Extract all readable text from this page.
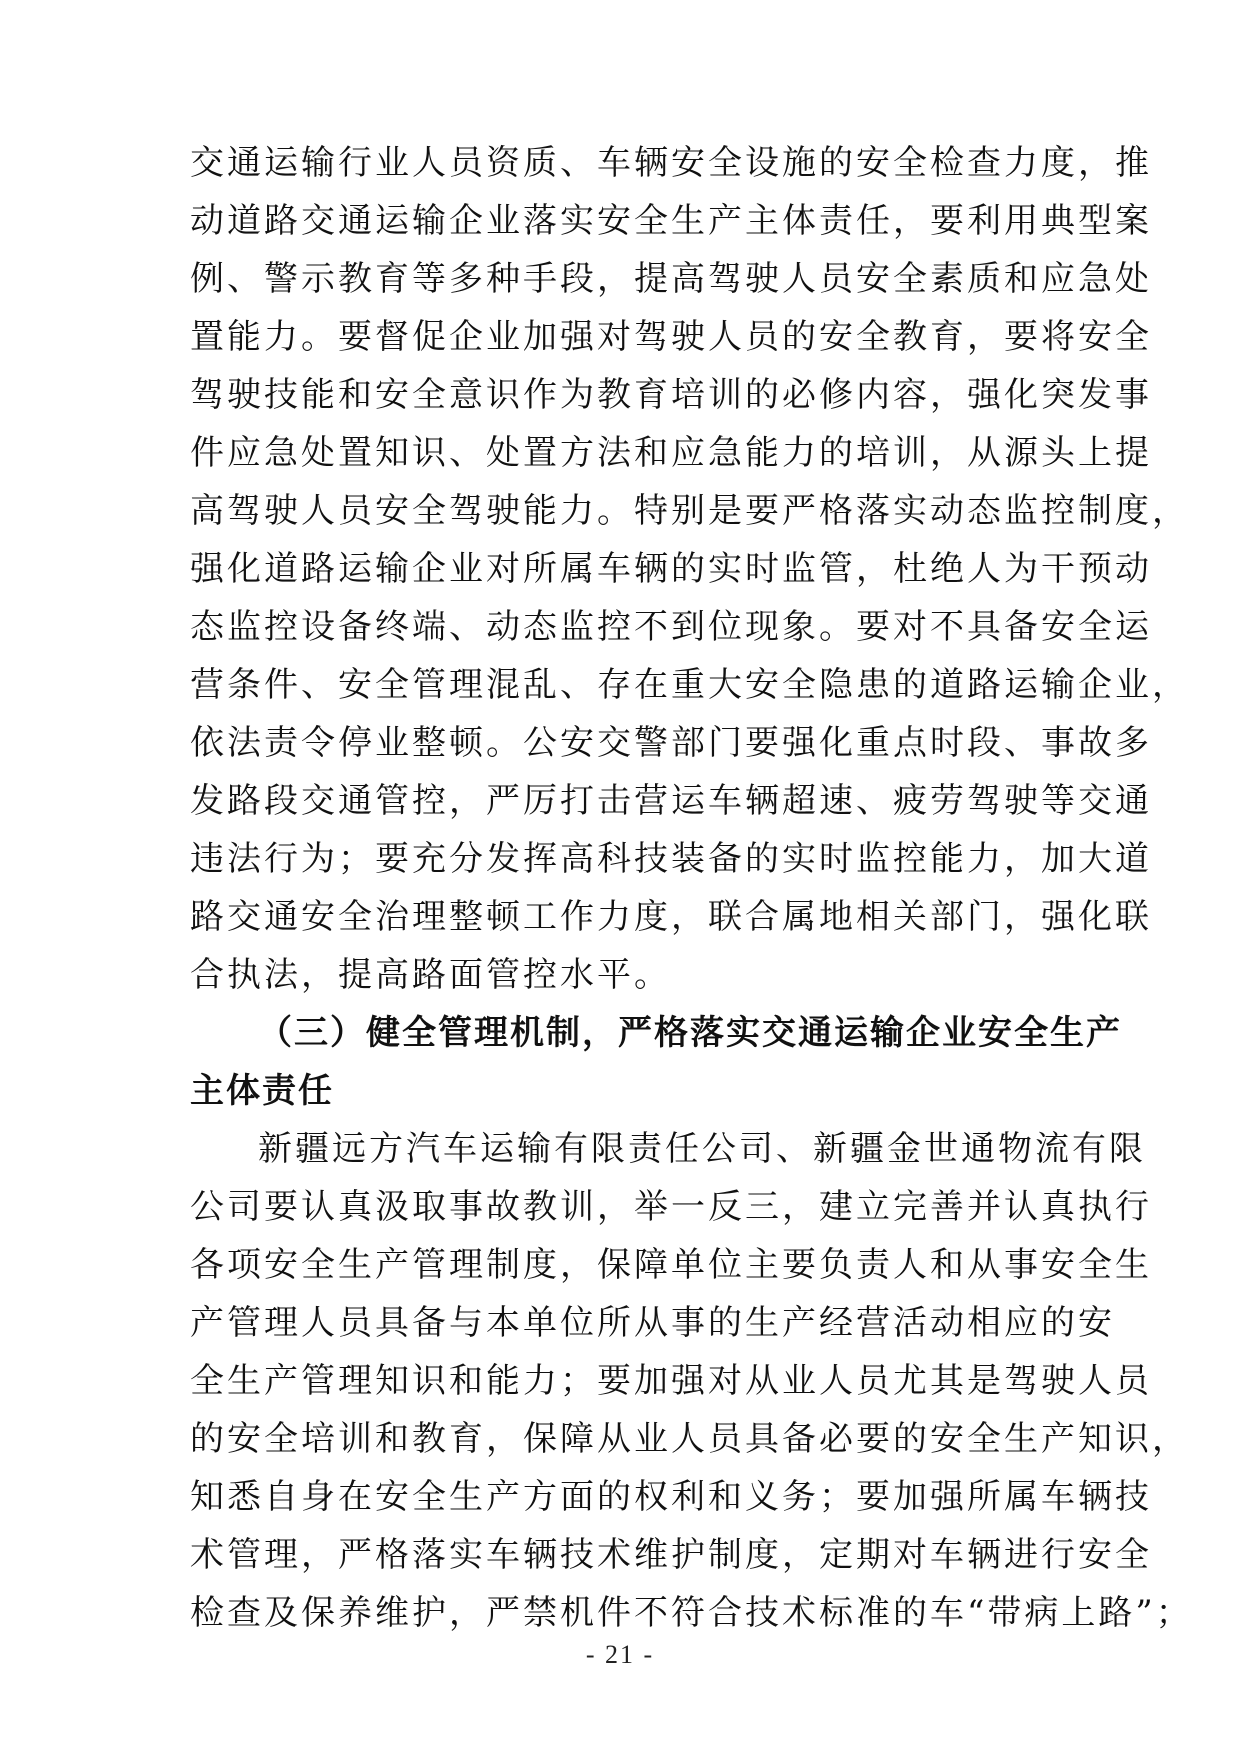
交通运输行业人员资质、车辆安全设施的安全检查力度，推
动道路交通运输企业落实安全生产主体责任，要利用典型案
例、警示教育等多种手段，提高驾驶人员安全素质和应急处
置能力。要督促企业加强对驾驶人员的安全教育，要将安全
驾驶技能和安全意识作为教育培训的必修内容，强化突发事
件应急处置知识、处置方法和应急能力的培训，从源头上提
高驾驶人员安全驾驶能力。特别是要严格落实动态监控制度，
强化道路运输企业对所属车辆的实时监管，杜绝人为干预动
态监控设备终端、动态监控不到位现象。要对不具备安全运
营条件、安全管理混乱、存在重大安全隐患的道路运输企业，
依法责令停业整顿。公安交警部门要强化重点时段、事故多
发路段交通管控，严厉打击营运车辆超速、疲劳驾驶等交通
违法行为；要充分发挥高科技装备的实时监控能力，加大道
路交通安全治理整顿工作力度，联合属地相关部门，强化联
合执法，提高路面管控水平。
（三）健全管理机制，严格落实交通运输企业安全生产
主体责任
新疆远方汽车运输有限责任公司、新疆金世通物流有限
公司要认真汲取事故教训，举一反三，建立完善并认真执行
各项安全生产管理制度，保障单位主要负责人和从事安全生
产管理人员具备与本单位所从事的生产经营活动相应的安
全生产管理知识和能力；要加强对从业人员尤其是驾驶人员
的安全培训和教育，保障从业人员具备必要的安全生产知识，
知悉自身在安全生产方面的权利和义务；要加强所属车辆技
术管理，严格落实车辆技术维护制度，定期对车辆进行安全
检查及保养维护，严禁机件不符合技术标准的车“带病上路”；
- 21 -
